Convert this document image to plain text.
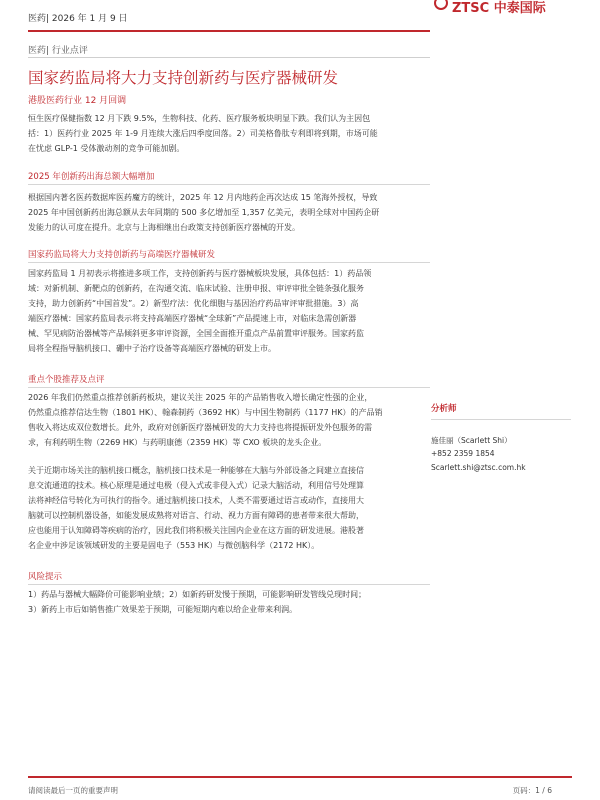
医药| 2026 年 1 月 9 日
ZTSC 中泰国际
医药| 行业点评
国家药监局将大力支持创新药与医疗器械研发
港股医药行业 12 月回调
恒生医疗保健指数 12 月下跌 9.5%，生物科技、化药、医疗服务板块明显下跌。我们认为主因包
括：1）医药行业 2025 年 1-9 月连续大涨后四季度回落。2）司美格鲁肽专利即将到期，市场可能
在忧虑 GLP-1 受体激动剂的竞争可能加剧。
2025 年创新药出海总额大幅增加
根据国内著名医药数据库医药魔方的统计，2025 年 12 月内地药企再次达成 15 笔海外授权，导致
2025 年中国创新药出海总额从去年同期的 500 多亿增加至 1,357 亿美元，表明全球对中国药企研
发能力的认可度在提升。北京与上海相继出台政策支持创新医疗器械的开发。
国家药监局将大力支持创新药与高端医疗器械研发
国家药监局 1 月初表示将推进多项工作，支持创新药与医疗器械板块发展，具体包括：1）药品领
域：对新机制、新靶点的创新药，在沟通交流、临床试验、注册申报、审评审批全链条强化服务
支持，助力创新药“中国首发”。2）新型疗法：优化细胞与基因治疗药品审评审批措施。3）高
端医疗器械：国家药监局表示将支持高端医疗器械“全球新”产品提速上市，对临床急需创新器
械、罕见病防治器械等产品倾斜更多审评资源，全国全面推开重点产品前置审评服务。国家药监
局将全程指导脑机接口、硼中子治疗设备等高端医疗器械的研发上市。
重点个股推荐及点评
2026 年我们仍然重点推荐创新药板块，建议关注 2025 年的产品销售收入增长确定性强的企业，
仍然重点推荐信达生物（1801 HK）、翰森制药（3692 HK）与中国生物制药（1177 HK）的产品销
售收入将达成双位数增长。此外，政府对创新医疗器械研发的大力支持也将提振研发外包服务的需
求，有利药明生物（2269 HK）与药明康德（2359 HK）等 CXO 板块的龙头企业。
关于近期市场关注的脑机接口概念，脑机接口技术是一种能够在大脑与外部设备之间建立直接信
息交流通道的技术。核心原理是通过电极（侵入式或非侵入式）记录大脑活动，利用信号处理算
法将神经信号转化为可执行的指令。通过脑机接口技术，人类不需要通过语言或动作，直接用大
脑就可以控制机器设备，如能发展成熟将对语言、行动、视力方面有障碍的患者带来很大帮助，
应也能用于认知障碍等疾病的治疗，因此我们将积极关注国内企业在这方面的研发进展。港股著
名企业中涉足该领域研发的主要是固电子（553 HK）与微创脑科学（2172 HK）。
风险提示
1）药品与器械大幅降价可能影响业绩；2）如新药研发慢于预期，可能影响研发管线兑现时间；
3）新药上市后如销售推广效果差于预期，可能短期内难以给企业带来利润。
分析师
施佳丽（Scarlett Shi）
+852 2359 1854
Scarlett.shi@ztsc.com.hk
请阅读最后一页的重要声明	页码：1 / 6
